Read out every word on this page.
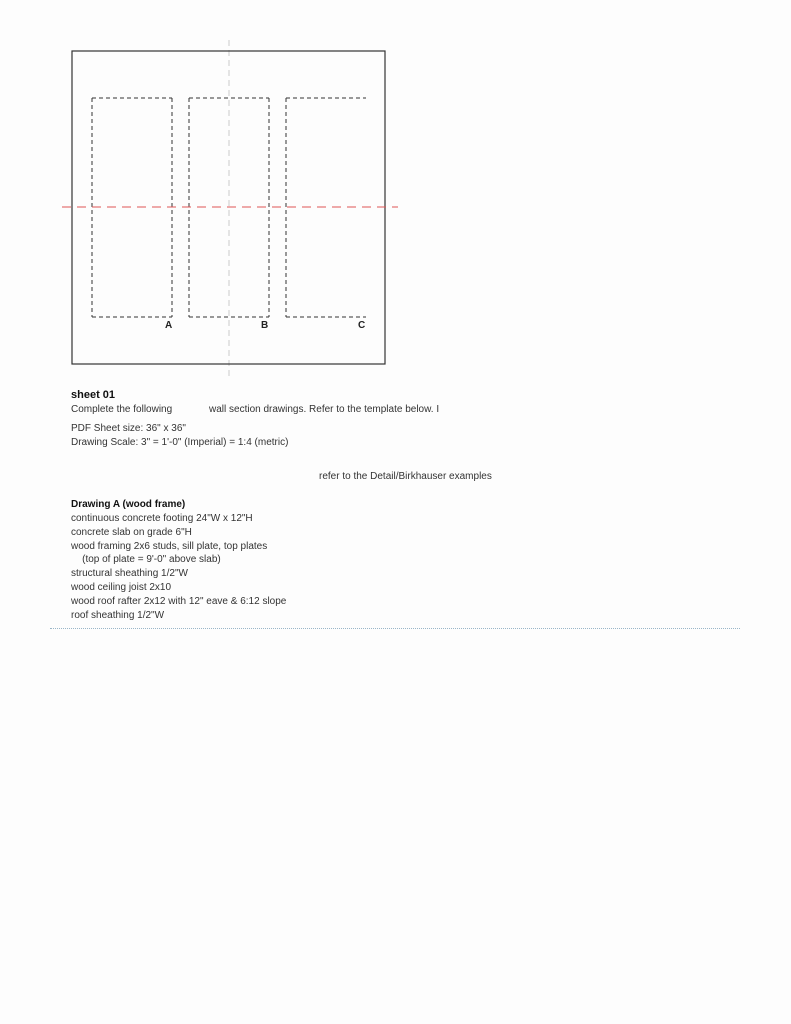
A	B	C
sheet 01
Complete the following	wall section drawings. Refer to the template below. I
PDF Sheet size: 36" x 36"
Drawing Scale: 3" = 1'-0" (Imperial) = 1:4 (metric)
refer to the Detail/Birkhauser examples
Drawing A (wood frame)
continuous concrete footing 24"W x 12"H
concrete slab on grade 6"H
wood framing 2x6 studs, sill plate, top plates
(top of plate = 9'-0" above slab)
structural sheathing 1/2"W
wood ceiling joist 2x10
wood roof rafter 2x12 with 12" eave & 6:12 slope
roof sheathing 1/2"W
